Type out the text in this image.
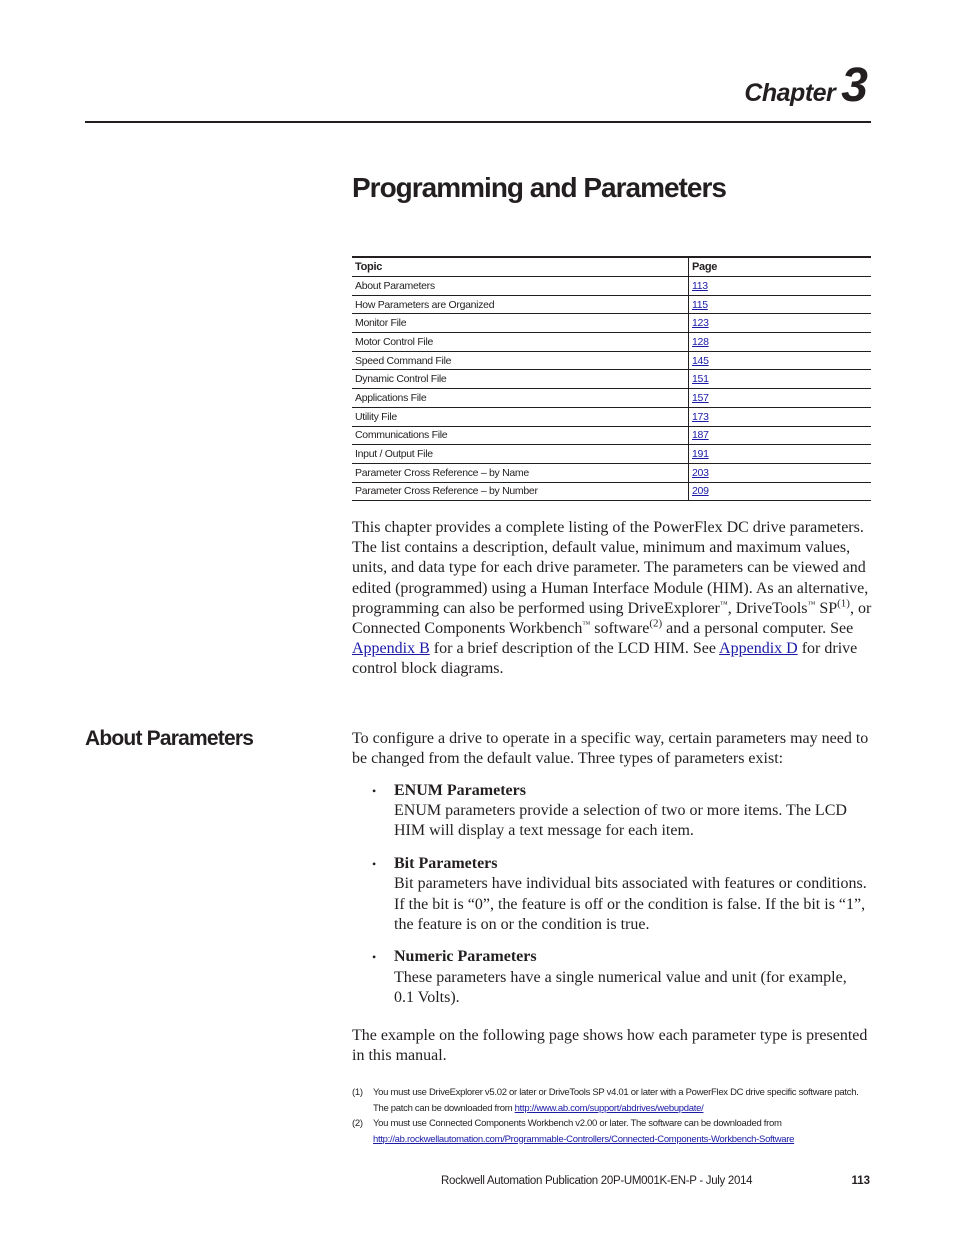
Chapter 3
Programming and Parameters
Topic	Page
About Parameters	113
How Parameters are Organized	115
Monitor File	123
Motor Control File	128
Speed Command File	145
Dynamic Control File	151
Applications File	157
Utility File	173
Communications File	187
Input / Output File	191
Parameter Cross Reference – by Name	203
Parameter Cross Reference – by Number	209
This chapter provides a complete listing of the PowerFlex DC drive parameters. The list contains a description, default value, minimum and maximum values, units, and data type for each drive parameter. The parameters can be viewed and edited (programmed) using a Human Interface Module (HIM). As an alternative, programming can also be performed using DriveExplorer™, DriveTools™ SP$^{(1)}$, or Connected Components Workbench™ software$^{(2)}$ and a personal computer. See Appendix B for a brief description of the LCD HIM. See Appendix D for drive control block diagrams.
About Parameters	To configure a drive to operate in a specific way, certain parameters may need to be changed from the default value. Three types of parameters exist:
• ENUM Parameters
ENUM parameters provide a selection of two or more items. The LCD HIM will display a text message for each item.
• Bit Parameters
Bit parameters have individual bits associated with features or conditions. If the bit is “0”, the feature is off or the condition is false. If the bit is “1”, the feature is on or the condition is true.
• Numeric Parameters
These parameters have a single numerical value and unit (for example, 0.1 Volts).
The example on the following page shows how each parameter type is presented in this manual.
(1) You must use DriveExplorer v5.02 or later or DriveTools SP v4.01 or later with a PowerFlex DC drive specific software patch. The patch can be downloaded from http://www.ab.com/support/abdrives/webupdate/
(2) You must use Connected Components Workbench v2.00 or later. The software can be downloaded from
http://ab.rockwellautomation.com/Programmable-Controllers/Connected-Components-Workbench-Software
Rockwell Automation Publication 20P-UM001K-EN-P - July 2014	113
